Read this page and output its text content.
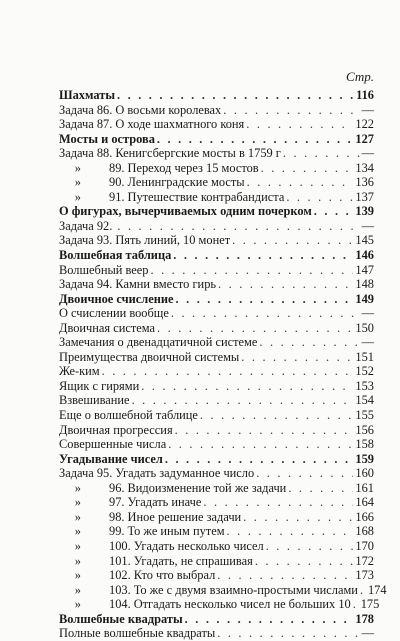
Стр.
Шахматы . . .	116
Задача 86. О восьми королевах . . .	—
Задача 87. О ходе шахматного коня . . .	122
Мосты и острова . . .	127
Задача 88. Кенигсбергские мосты в 1759 г . . .	—
»	89. Переход через 15 мостов . . .	134
»	90. Ленинградские мосты . . .	136
»	91. Путешествие контрабандиста . . .	137
О фигурах, вычерчиваемых одним почерком . . .	139
Задача 92. . . .	—
Задача 93. Пять линий, 10 монет . . .	145
Волшебная таблица . . .	146
Волшебный веер . . .	147
Задача 94. Камни вместо гирь . . .	148
Двоичное счисление . . .	149
О счислении вообще . . .	—
Двоичная система . . .	150
Замечания о двенадцатичной системе . . .	—
Преимущества двоичной системы . . .	151
Же-ким . . .	152
Ящик с гирями . . .	153
Взвешивание . . .	154
Еще о волшебной таблице . . .	155
Двоичная прогрессия . . .	156
Совершенные числа . . .	158
Угадывание чисел . . .	159
Задача 95. Угадать задуманное число . . .	160
»	96. Видоизменение той же задачи . . .	161
»	97. Угадать иначе . . .	164
»	98. Иное решение задачи . . .	166
»	99. То же иным путем . . .	168
»	100. Угадать несколько чисел . . .	170
»	101. Угадать, не спрашивая . . .	172
»	102. Кто что выбрал . . .	173
»	103. То же с двумя взаимно-простыми числами . . . 174
»	104. Отгадать несколько чисел не больших 10 . . . 175
Волшебные квадраты . . .	178
Полные волшебные квадраты . . .	—
